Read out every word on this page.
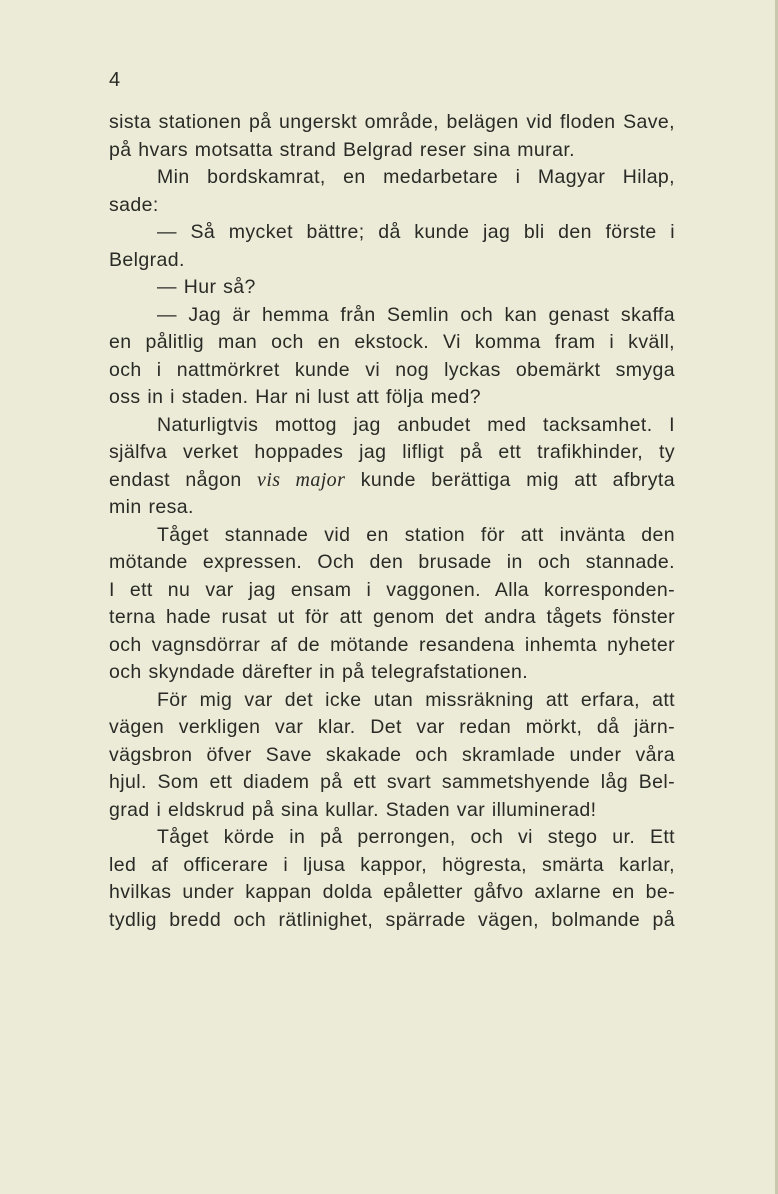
4
sista stationen på ungerskt område, belägen vid floden Save,
på hvars motsatta strand Belgrad reser sina murar.
Min bordskamrat, en medarbetare i Magyar Hilap,
sade:
— Så mycket bättre; då kunde jag bli den förste i
Belgrad.
— Hur så?
— Jag är hemma från Semlin och kan genast skaffa
en pålitlig man och en ekstock. Vi komma fram i kväll,
och i nattmörkret kunde vi nog lyckas obemärkt smyga
oss in i staden. Har ni lust att följa med?
Naturligtvis mottog jag anbudet med tacksamhet. I
själfva verket hoppades jag lifligt på ett trafikhinder, ty
endast någon vis major kunde berättiga mig att afbryta
min resa.
Tåget stannade vid en station för att invänta den
mötande expressen. Och den brusade in och stannade.
I ett nu var jag ensam i vaggonen. Alla korresponden-
terna hade rusat ut för att genom det andra tågets fönster
och vagnsdörrar af de mötande resandena inhemta nyheter
och skyndade därefter in på telegrafstationen.
För mig var det icke utan missräkning att erfara, att
vägen verkligen var klar. Det var redan mörkt, då järn-
vägsbron öfver Save skakade och skramlade under våra
hjul. Som ett diadem på ett svart sammetshyende låg Bel-
grad i eldskrud på sina kullar. Staden var illuminerad!
Tåget körde in på perrongen, och vi stego ur. Ett
led af officerare i ljusa kappor, högresta, smärta karlar,
hvilkas under kappan dolda epåletter gåfvo axlarne en be-
tydlig bredd och rätlinighet, spärrade vägen, bolmande på
